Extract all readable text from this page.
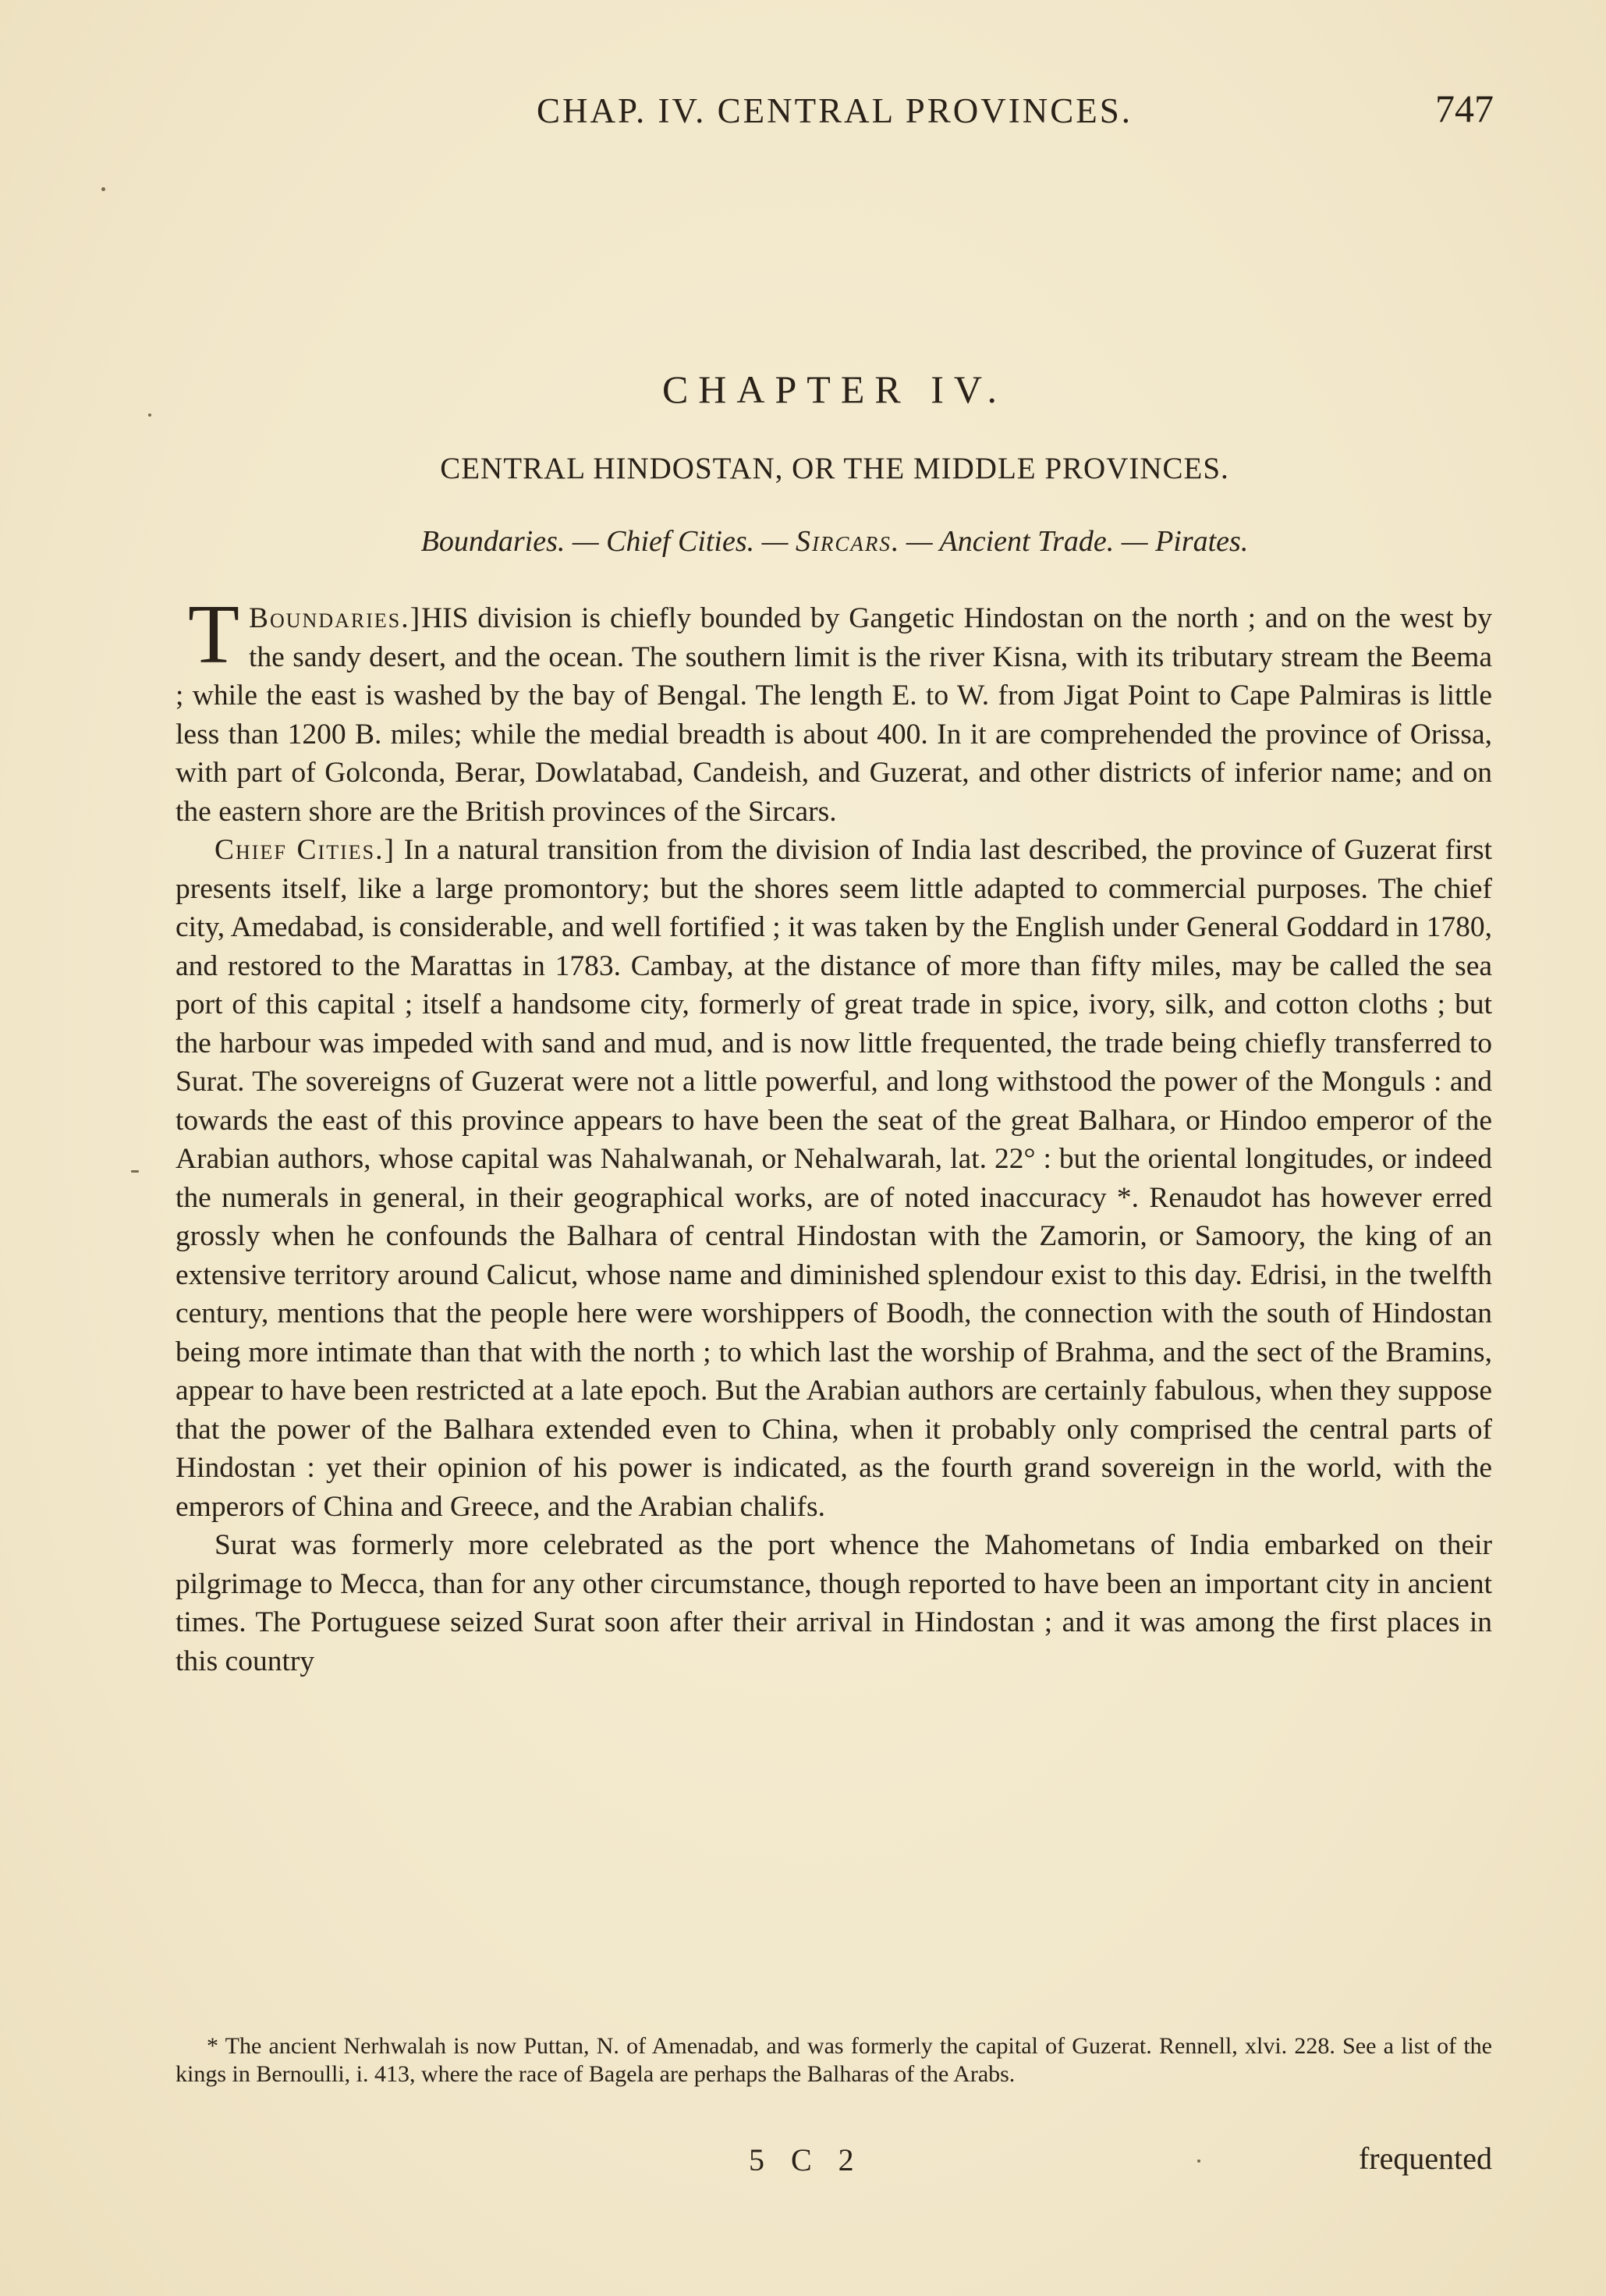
CHAP. IV. CENTRAL PROVINCES.	747
CHAPTER IV.
CENTRAL HINDOSTAN, OR THE MIDDLE PROVINCES.
Boundaries. — Chief Cities. — Sircars. — Ancient Trade. — Pirates.

Boundaries.]
T	HIS division is chiefly bounded by Gangetic Hindostan on the north ; and on the west by the sandy desert, and the ocean. The southern limit is the river Kisna, with its tributary stream the Beema ; while the east is washed by the bay of Bengal. The length E. to W. from Jigat Point to Cape Palmiras is little less than 1200 B. miles; while the medial breadth is about 400. In it are comprehended the province of Orissa, with part of Golconda, Berar, Dowlatabad, Candeish, and Guzerat, and other districts of inferior name; and on the eastern shore are the British provinces of the Sircars.

Chief Cities.] In a natural transition from the division of India last described, the province of Guzerat first presents itself, like a large promontory; but the shores seem little adapted to commercial purposes. The chief city, Amedabad, is considerable, and well fortified ; it was taken by the English under General Goddard in 1780, and restored to the Marattas in 1783. Cambay, at the distance of more than fifty miles, may be called the sea port of this capital ; itself a handsome city, formerly of great trade in spice, ivory, silk, and cotton cloths ; but the harbour was impeded with sand and mud, and is now little frequented, the trade being chiefly transferred to Surat. The sovereigns of Guzerat were not a little powerful, and long withstood the power of the Monguls : and towards the east of this province appears to have been the seat of the great Balhara, or Hindoo emperor of the Arabian authors, whose capital was Nahalwanah, or Nehalwarah, lat. 22° : but the oriental longitudes, or indeed the numerals in general, in their geographical works, are of noted inaccuracy *. Renaudot has however erred grossly when he confounds the Balhara of central Hindostan with the Zamorin, or Samoory, the king of an extensive territory around Calicut, whose name and diminished splendour exist to this day. Edrisi, in the twelfth century, mentions that the people here were worshippers of Boodh, the connection with the south of Hindostan being more intimate than that with the north ; to which last the worship of Brahma, and the sect of the Bramins, appear to have been restricted at a late epoch. But the Arabian authors are certainly fabulous, when they suppose that the power of the Balhara extended even to China, when it probably only comprised the central parts of Hindostan : yet their opinion of his power is indicated, as the fourth grand sovereign in the world, with the emperors of China and Greece, and the Arabian chalifs.

Surat was formerly more celebrated as the port whence the Mahometans of India embarked on their pilgrimage to Mecca, than for any other circumstance, though reported to have been an important city in ancient times. The Portuguese seized Surat soon after their arrival in Hindostan ; and it was among the first places in this country

* The ancient Nerhwalah is now Puttan, N. of Amenadab, and was formerly the capital of Guzerat. Rennell, xlvi. 228. See a list of the kings in Bernoulli, i. 413, where the race of Bagela are perhaps the Balharas of the Arabs.
5 C 2	frequented
